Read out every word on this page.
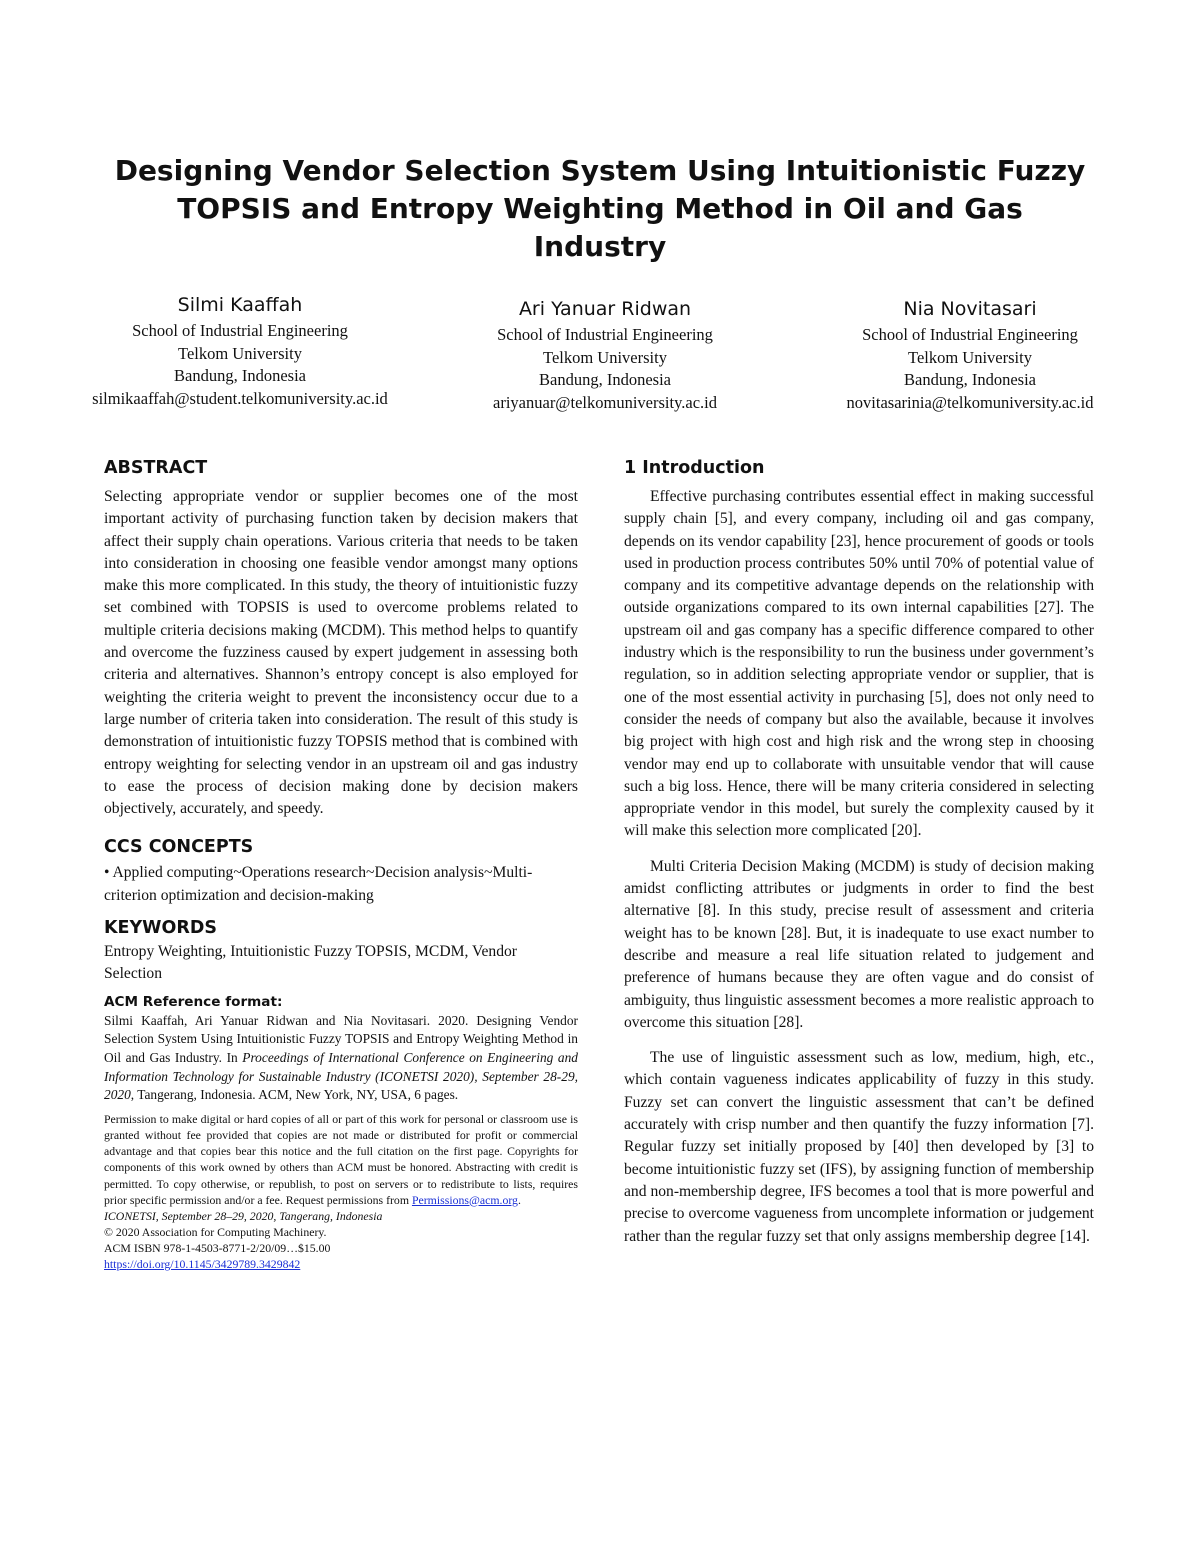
Designing Vendor Selection System Using Intuitionistic Fuzzy
TOPSIS and Entropy Weighting Method in Oil and Gas
Industry
Silmi Kaaffah
School of Industrial Engineering
Telkom University
Bandung, Indonesia
silmikaaffah@student.telkomuniversity.ac.id
Ari Yanuar Ridwan
School of Industrial Engineering
Telkom University
Bandung, Indonesia
ariyanuar@telkomuniversity.ac.id
Nia Novitasari
School of Industrial Engineering
Telkom University
Bandung, Indonesia
novitasarinia@telkomuniversity.ac.id
ABSTRACT

Selecting appropriate vendor or supplier becomes one of the most important activity of purchasing function taken by decision makers that affect their supply chain operations. Various criteria that needs to be taken into consideration in choosing one feasible vendor amongst many options make this more complicated. In this study, the theory of intuitionistic fuzzy set combined with TOPSIS is used to overcome problems related to multiple criteria decisions making (MCDM). This method helps to quantify and overcome the fuzziness caused by expert judgement in assessing both criteria and alternatives. Shannon’s entropy concept is also employed for weighting the criteria weight to prevent the inconsistency occur due to a large number of criteria taken into consideration. The result of this study is demonstration of intuitionistic fuzzy TOPSIS method that is combined with entropy weighting for selecting vendor in an upstream oil and gas industry to ease the process of decision making done by decision makers objectively, accurately, and speedy.

CCS CONCEPTS

• Applied computing~Operations research~Decision analysis~Multi-criterion optimization and decision-making

KEYWORDS

Entropy Weighting, Intuitionistic Fuzzy TOPSIS, MCDM, Vendor Selection

ACM Reference format:

Silmi Kaaffah, Ari Yanuar Ridwan and Nia Novitasari. 2020. Designing Vendor Selection System Using Intuitionistic Fuzzy TOPSIS and Entropy Weighting Method in Oil and Gas Industry. In Proceedings of International Conference on Engineering and Information Technology for Sustainable Industry (ICONETSI 2020), September 28-29, 2020, Tangerang, Indonesia. ACM, New York, NY, USA, 6 pages.

Permission to make digital or hard copies of all or part of this work for personal or classroom use is granted without fee provided that copies are not made or distributed for profit or commercial advantage and that copies bear this notice and the full citation on the first page. Copyrights for components of this work owned by others than ACM must be honored. Abstracting with credit is permitted. To copy otherwise, or republish, to post on servers or to redistribute to lists, requires prior specific permission and/or a fee. Request permissions from Permissions@acm.org.

ICONETSI, September 28–29, 2020, Tangerang, Indonesia

© 2020 Association for Computing Machinery.

ACM ISBN 978-1-4503-8771-2/20/09…$15.00

https://doi.org/10.1145/3429789.3429842

1 Introduction

Effective purchasing contributes essential effect in making successful supply chain [5], and every company, including oil and gas company, depends on its vendor capability [23], hence procurement of goods or tools used in production process contributes 50% until 70% of potential value of company and its competitive advantage depends on the relationship with outside organizations compared to its own internal capabilities [27]. The upstream oil and gas company has a specific difference compared to other industry which is the responsibility to run the business under government’s regulation, so in addition selecting appropriate vendor or supplier, that is one of the most essential activity in purchasing [5], does not only need to consider the needs of company but also the available, because it involves big project with high cost and high risk and the wrong step in choosing vendor may end up to collaborate with unsuitable vendor that will cause such a big loss. Hence, there will be many criteria considered in selecting appropriate vendor in this model, but surely the complexity caused by it will make this selection more complicated [20].

Multi Criteria Decision Making (MCDM) is study of decision making amidst conflicting attributes or judgments in order to find the best alternative [8]. In this study, precise result of assessment and criteria weight has to be known [28]. But, it is inadequate to use exact number to describe and measure a real life situation related to judgement and preference of humans because they are often vague and do consist of ambiguity, thus linguistic assessment becomes a more realistic approach to overcome this situation [28].

The use of linguistic assessment such as low, medium, high, etc., which contain vagueness indicates applicability of fuzzy in this study. Fuzzy set can convert the linguistic assessment that can’t be defined accurately with crisp number and then quantify the fuzzy information [7]. Regular fuzzy set initially proposed by [40] then developed by [3] to become intuitionistic fuzzy set (IFS), by assigning function of membership and non-membership degree, IFS becomes a tool that is more powerful and precise to overcome vagueness from uncomplete information or judgement rather than the regular fuzzy set that only assigns membership degree [14].
